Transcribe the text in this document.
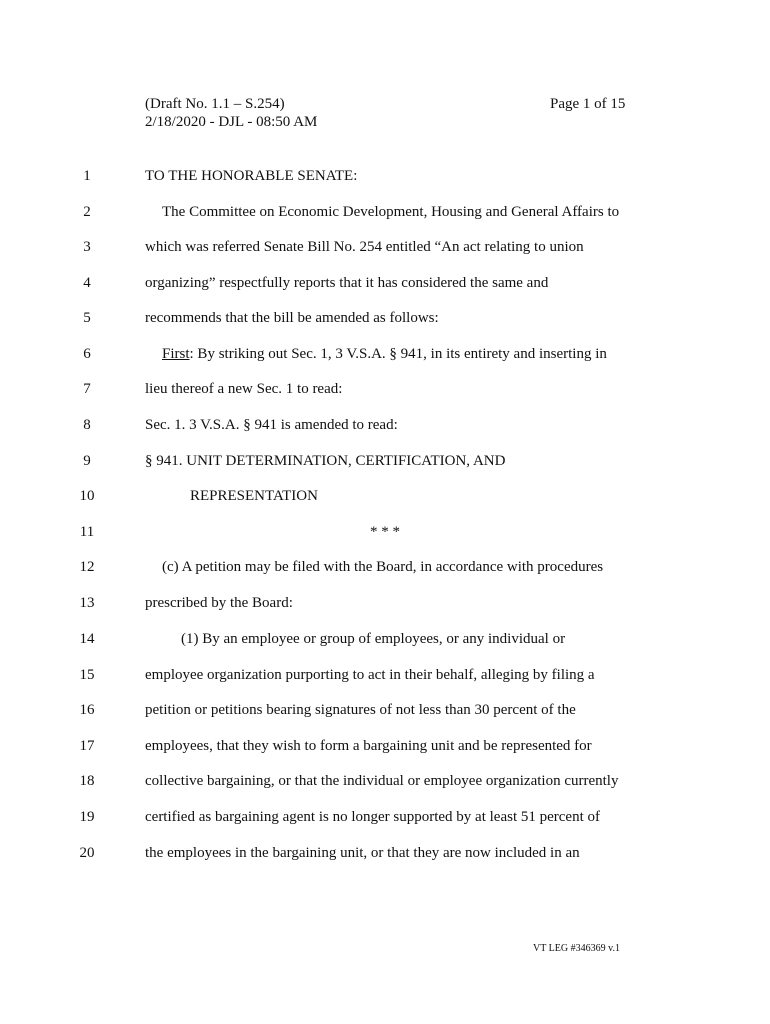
(Draft No. 1.1 – S.254)	Page 1 of 15
2/18/2020 - DJL - 08:50 AM
1	TO THE HONORABLE SENATE:
2	The Committee on Economic Development, Housing and General Affairs to
3	which was referred Senate Bill No. 254 entitled “An act relating to union
4	organizing” respectfully reports that it has considered the same and
5	recommends that the bill be amended as follows:
6	First: By striking out Sec. 1, 3 V.S.A. § 941, in its entirety and inserting in
7	lieu thereof a new Sec. 1 to read:
8	Sec. 1. 3 V.S.A. § 941 is amended to read:
9	§ 941. UNIT DETERMINATION, CERTIFICATION, AND
10	REPRESENTATION
11	* * *
12	(c) A petition may be filed with the Board, in accordance with procedures
13	prescribed by the Board:
14	(1) By an employee or group of employees, or any individual or
15	employee organization purporting to act in their behalf, alleging by filing a
16	petition or petitions bearing signatures of not less than 30 percent of the
17	employees, that they wish to form a bargaining unit and be represented for
18	collective bargaining, or that the individual or employee organization currently
19	certified as bargaining agent is no longer supported by at least 51 percent of
20	the employees in the bargaining unit, or that they are now included in an
VT LEG #346369 v.1
